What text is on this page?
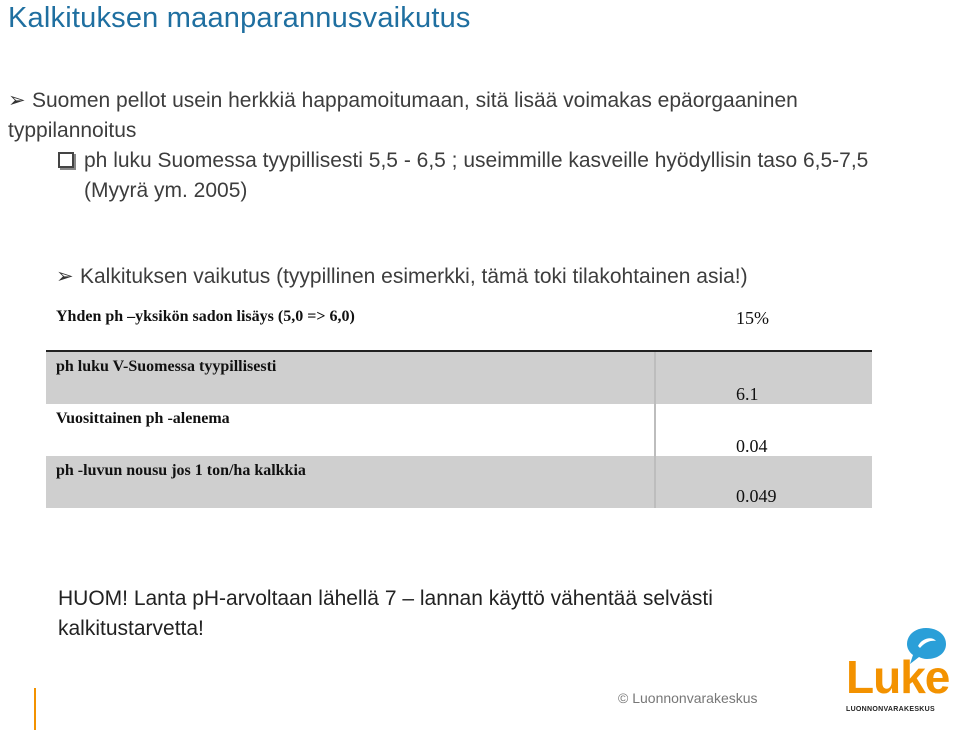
Kalkituksen maanparannusvaikutus
➢ Suomen pellot usein herkkiä happamoitumaan, sitä lisää voimakas epäorgaaninen typpilannoitus
ph luku Suomessa tyypillisesti 5,5 - 6,5 ; useimmille kasveille hyödyllisin taso 6,5-7,5
(Myyrä ym. 2005)
➢ Kalkituksen vaikutus (tyypillinen esimerkki, tämä toki tilakohtainen asia!)
Yhden ph –yksikön sadon lisäys (5,0 => 6,0)	15%
ph luku V-Suomessa tyypillisesti
6.1
Vuosittainen ph -alenema
0.04
ph -luvun nousu jos 1 ton/ha kalkkia
0.049
HUOM! Lanta pH-arvoltaan lähellä 7 – lannan käyttö vähentää selvästi kalkitustarvetta!
© Luonnonvarakeskus Luke
LUONNONVARAKESKUS
